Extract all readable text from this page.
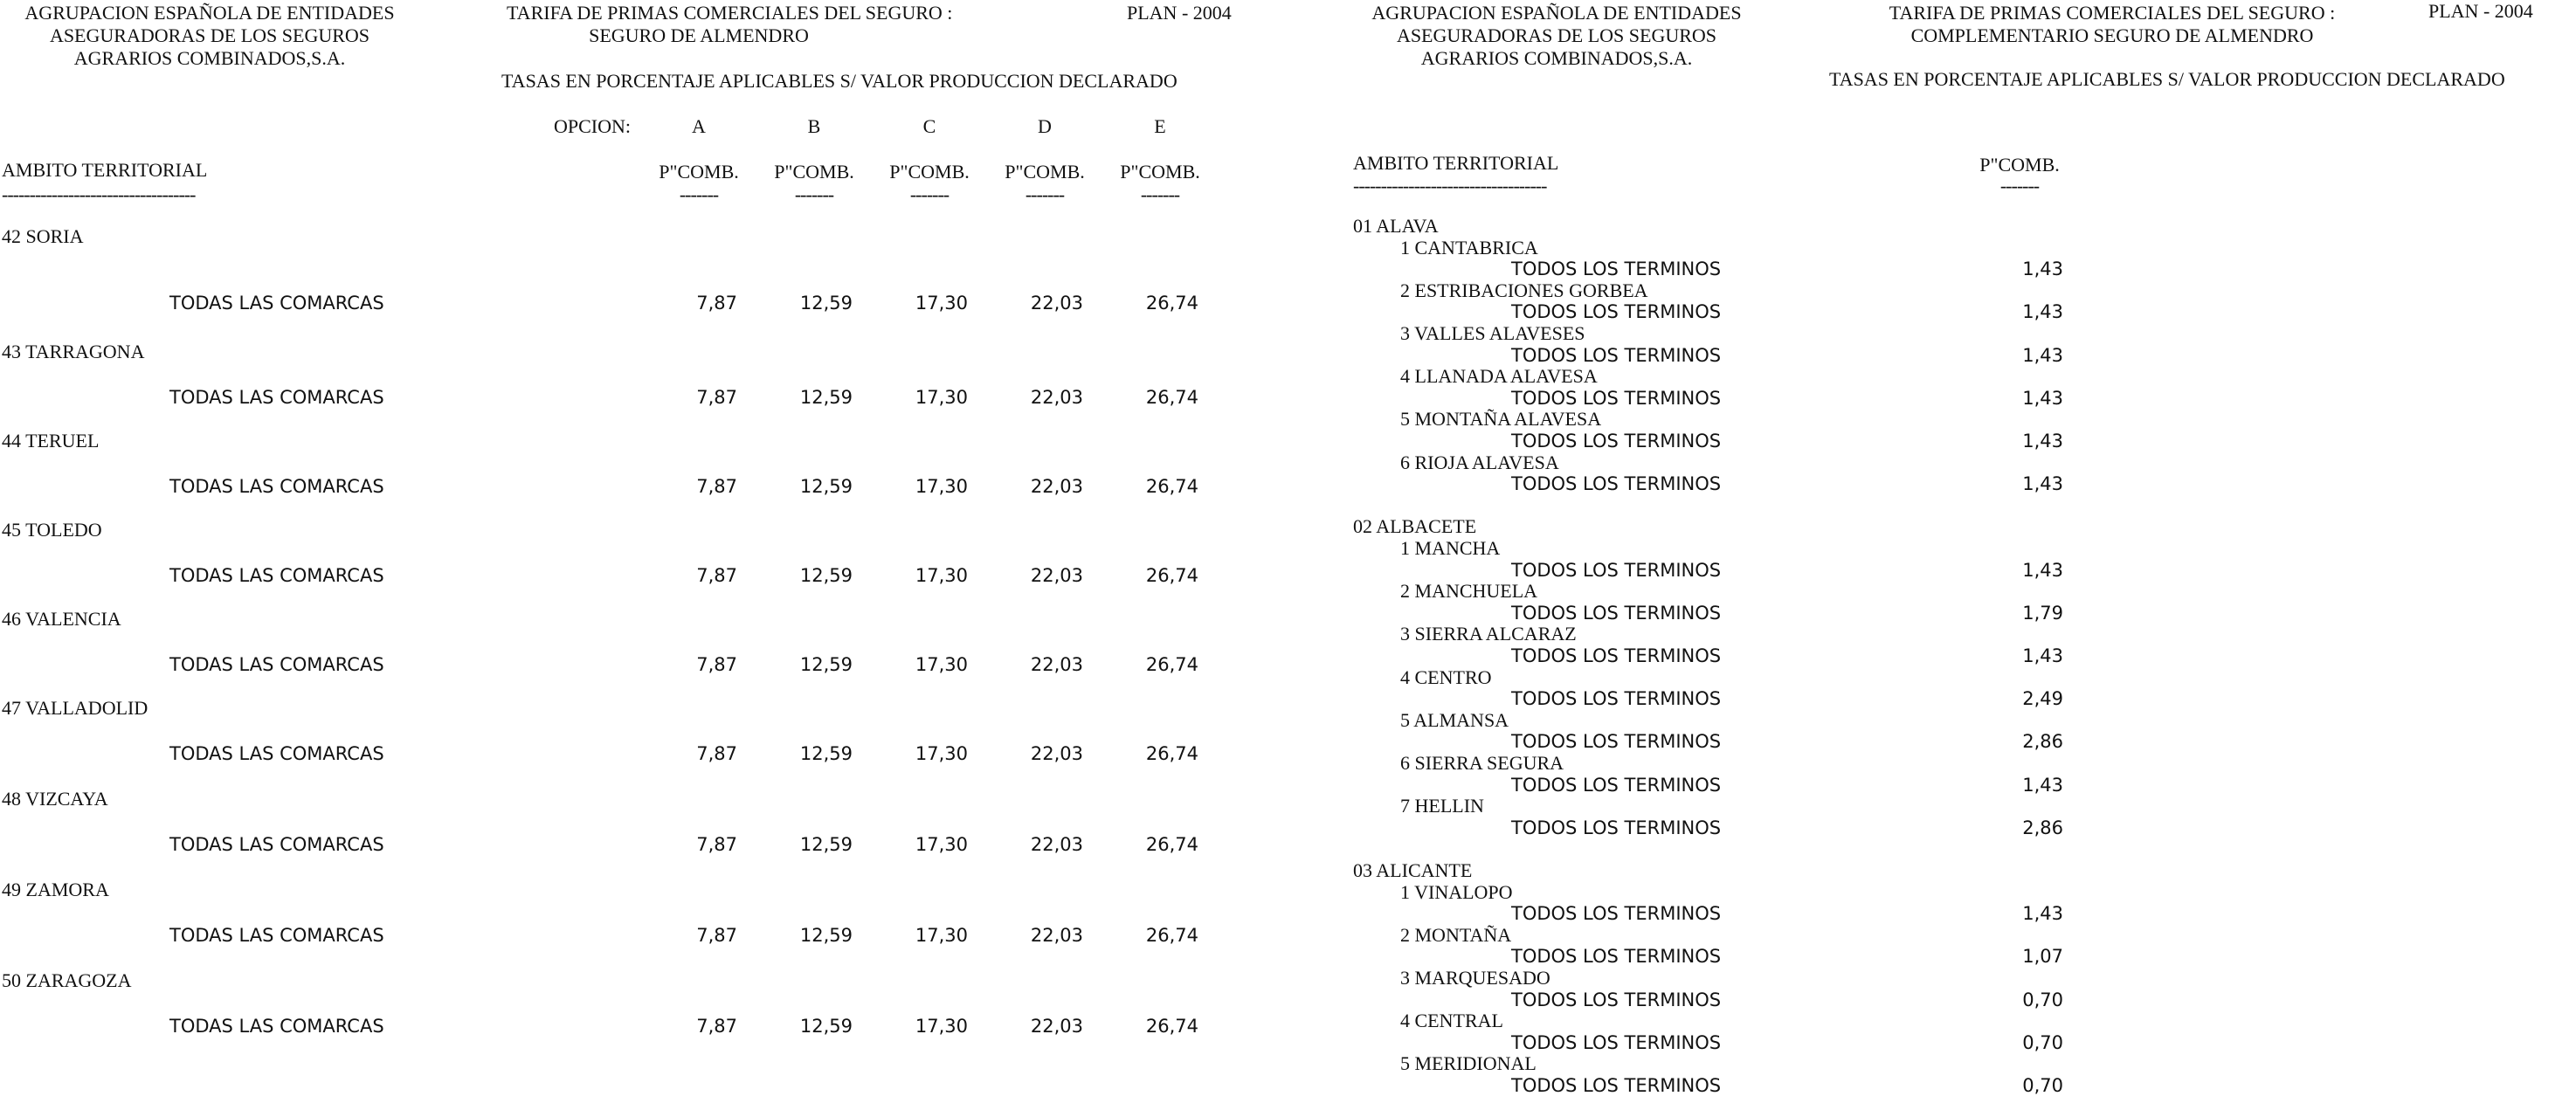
AGRUPACION ESPAÑOLA DE ENTIDADES
ASEGURADORAS DE LOS SEGUROS
AGRARIOS COMBINADOS,S.A.
TARIFA DE PRIMAS COMERCIALES DEL SEGURO :
SEGURO DE ALMENDRO
PLAN - 2004
TASAS EN PORCENTAJE APLICABLES S/ VALOR PRODUCCION DECLARADO
OPCION:	A	B	C	D	E
AMBITO TERRITORIAL
-----------------------------------
P"COMB. P"COMB. P"COMB. P"COMB. P"COMB.
-------	-------	-------	-------	-------
42 SORIA
TODAS LAS COMARCAS	7,87	12,59	17,30	22,03	26,74
43 TARRAGONA
TODAS LAS COMARCAS	7,87	12,59	17,30	22,03	26,74
44 TERUEL
TODAS LAS COMARCAS	7,87	12,59	17,30	22,03	26,74
45 TOLEDO
TODAS LAS COMARCAS	7,87	12,59	17,30	22,03	26,74
46 VALENCIA
TODAS LAS COMARCAS	7,87	12,59	17,30	22,03	26,74
47 VALLADOLID
TODAS LAS COMARCAS	7,87	12,59	17,30	22,03	26,74
48 VIZCAYA
TODAS LAS COMARCAS	7,87	12,59	17,30	22,03	26,74
49 ZAMORA
TODAS LAS COMARCAS	7,87	12,59	17,30	22,03	26,74
50 ZARAGOZA
TODAS LAS COMARCAS	7,87	12,59	17,30	22,03	26,74
AGRUPACION ESPAÑOLA DE ENTIDADES
ASEGURADORAS DE LOS SEGUROS
AGRARIOS COMBINADOS,S.A.
TARIFA DE PRIMAS COMERCIALES DEL SEGURO :
COMPLEMENTARIO SEGURO DE ALMENDRO
PLAN - 2004
TASAS EN PORCENTAJE APLICABLES S/ VALOR PRODUCCION DECLARADO
AMBITO TERRITORIAL
-----------------------------------
P"COMB.
-------
01 ALAVA
1 CANTABRICA
TODOS LOS TERMINOS	1,43
2 ESTRIBACIONES GORBEA
TODOS LOS TERMINOS	1,43
3 VALLES ALAVESES
TODOS LOS TERMINOS	1,43
4 LLANADA ALAVESA
TODOS LOS TERMINOS	1,43
5 MONTAÑA ALAVESA
TODOS LOS TERMINOS	1,43
6 RIOJA ALAVESA
TODOS LOS TERMINOS	1,43
02 ALBACETE
1 MANCHA
TODOS LOS TERMINOS	1,43
2 MANCHUELA
TODOS LOS TERMINOS	1,79
3 SIERRA ALCARAZ
TODOS LOS TERMINOS	1,43
4 CENTRO
TODOS LOS TERMINOS	2,49
5 ALMANSA
TODOS LOS TERMINOS	2,86
6 SIERRA SEGURA
TODOS LOS TERMINOS	1,43
7 HELLIN
TODOS LOS TERMINOS	2,86
03 ALICANTE
1 VINALOPO
TODOS LOS TERMINOS	1,43
2 MONTAÑA
TODOS LOS TERMINOS	1,07
3 MARQUESADO
TODOS LOS TERMINOS	0,70
4 CENTRAL
TODOS LOS TERMINOS	0,70
5 MERIDIONAL
TODOS LOS TERMINOS	0,70
